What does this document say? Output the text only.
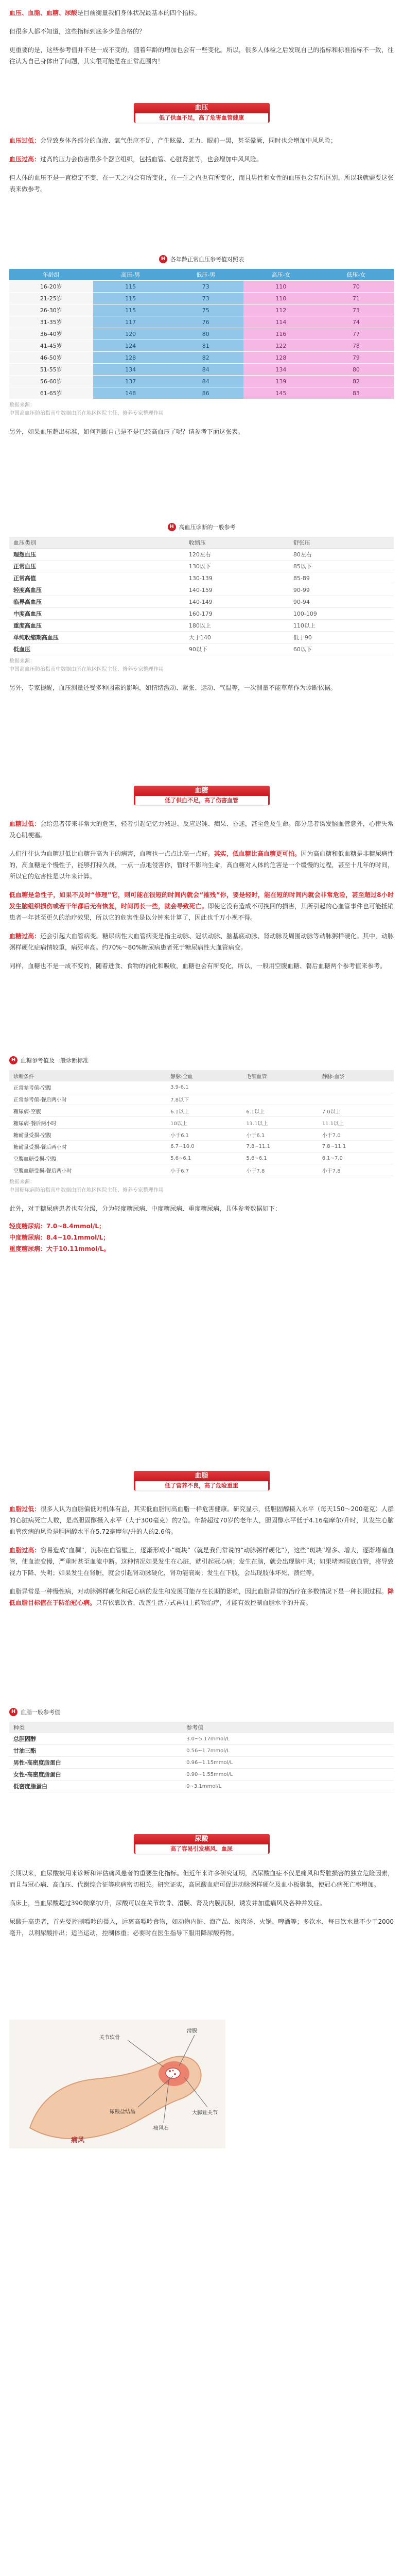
血压、血脂、血糖、尿酸是目前衡量我们身体状况最基本的四个指标。

但很多人都不知道，这些指标到底多少是合格的？

更重要的是，这些参考值并不是一成不变的，随着年龄的增加也会有一些变化。所以，很多人体检之后发现自己的指标和标准指标不一致，往往认为自己身体出了问题，其实很可能是在正常范围内！

血压
低了供血不足，高了危害血管健康

血压过低：会导致身体各部分的血液、氧气供应不足，产生眩晕、无力、眼前一黑，甚至晕厥，同时也会增加中风风险；

血压过高：过高的压力会伤害很多个器官组织，包括血管、心脏肾脏等，也会增加中风风险。

但人体的血压不是一直稳定不变，在一天之内会有所变化，在一生之内也有所变化，而且男性和女性的血压也会有所区别，所以我就需要这张表来做参考。

H 各年龄正常血压参考值对照表
年龄组	高压-男	低压-男	高压-女	低压-女
16-20岁	115	73	110	70
21-25岁	115	73	110	71
26-30岁	115	75	112	73
31-35岁	117	76	114	74
36-40岁	120	80	116	77
41-45岁	124	81	122	78
46-50岁	128	82	128	79
51-55岁	134	84	134	80
56-60岁	137	84	139	82
61-65岁	148	86	145	83

数据来源：
中国高血压防治指南中数据由所在地区医院主任、修养专家整理作用

另外，如果血压超出标准，如何判断自己是不是已经高血压了呢？请参考下面这张表。

H 高血压诊断的一般参考
血压类别	收缩压	舒张压
理想血压	120左右	80左右
正常血压	130以下	85以下
正常高值	130-139	85-89
轻度高血压	140-159	90-99
临界高血压	140-149	90-94
中度高血压	160-179	100-109
重度高血压	180以上	110以上
单纯收缩期高血压	大于140	低于90
低血压	90以下	60以下

数据来源：
中国高血压防治指南中数据由所在地区医院主任、修养专家整理作用

另外，专家提醒，血压测量还受多种因素的影响，如情绪激动、紧张、运动、气温等，一次测量不能草草作为诊断依据。

血糖
低了供血不足，高了伤害血管

血糖过低：会给患者带来非常大的危害，轻者引起记忆力减退、反应迟钝、痴呆、昏迷，甚至危及生命。部分患者诱发脑血管意外，心律失常及心肌梗塞。

人们往往认为血糖过低比血糖升高为主的病害，血糖也一点点比高一点好。其实，低血糖比高血糖更可怕。因为高血糖和低血糖是非糖尿病性的，高血糖是个慢性子，能够打持久战，一点一点地侵害你，暂时不影响生命，高血糖对人体的危害是一个缓慢的过程，甚至十几年的时间，所以它的危害性是以年来计算。

低血糖是急性子，如果不及时“修理”它，则可能在很短的时间内就会“摧残”你，要是轻时，能在短的时间内就会非常危险，甚至超过8小时发生脑组织损伤或若干年都后无有恢复，时间再长一些，就会导致死亡。即使它没有造成不可挽回的损害，其所引起的心血管事件也可能抵销患者一年甚至更久的治疗效果，所以它的危害性是以分钟来计算了，因此也千万小视不得。

血糖过高：还会引起大血管病变。糖尿病性大血管病变是指主动脉、冠状动脉、脑基底动脉、肾动脉及周围动脉等动脉粥样硬化。其中，动脉粥样硬化症病情较重，病死率高。约70%～80%糖尿病患者死于糖尿病性大血管病变。

同样，血糖也不是一成不变的，随着进食、食物的消化和吸收，血糖也会有所变化，所以，一般用空腹血糖、餐后血糖两个参考值来参考。

H 血糖参考值及一般诊断标准
诊断条件	静脉-全血	毛细血管	静脉-血浆
正常参考值-空腹	3.9-6.1		
正常参考值-餐后两小时	7.8以下		
糖尿病-空腹	6.1以上	6.1以上	7.0以上
糖尿病-餐后两小时	10以上	11.1以上	11.1以上
糖耐量受损-空腹	小于6.1	小于6.1	小于7.0
糖耐量受损-餐后两小时	6.7~10.0	7.8~11.1	7.8~11.1
空腹血糖受损-空腹	5.6~6.1	5.6~6.1	6.1~7.0
空腹血糖受损-餐后两小时	小于6.7	小于7.8	小于7.8

数据来源：
中国糖尿病防治指南中数据由所在地区医院主任、修养专家整理作用

此外，对于糖尿病患者也有分级，分为轻度糖尿病、中度糖尿病、重度糖尿病，具体参考数据如下：

轻度糖尿病：7.0~8.4mmol/L；

中度糖尿病：8.4~10.1mmol/L；

重度糖尿病：大于10.11mmol/L。

血脂
低了营养不良，高了危险重重

血脂过低：很多人认为血脂偏低对机体有益，其实低血脂同高血脂一样危害健康。研究显示，低胆固醇摄入水平（每天150～200毫克）人群的心脏病死亡人数，是高胆固醇摄入水平（大于300毫克）的2倍。年龄超过70岁的老年人，胆固醇水平低于4.16毫摩尔/升时，其发生心脑血管疾病的风险是胆固醇水平在5.72毫摩尔/升的人的2.6倍。

血脂过高：容易造成“血稠”，沉积在血管壁上，逐渐形成小“斑块”（就是我们常说的“动脉粥样硬化”），这些“斑块”增多、增大，逐渐堵塞血管，使血流变慢，严重时甚至血流中断。这种情况如果发生在心脏，就引起冠心病；发生在脑，就会出现脑中风；如果堵塞眼底血管，将导致视力下降、失明；如果发生在肾脏，就会引起肾动脉硬化，肾功能衰竭；发生在下肢，会出现肢体坏死、溃烂等。

血脂异常是一种慢性病，对动脉粥样硬化和冠心病的发生和发展可能存在长期的影响，因此血脂异常的治疗在多数情况下是一种长期过程。降低血脂目标值在于防治冠心病。只有依靠饮食、改善生活方式再加上药物治疗，才能有效控制血脂水平的升高。

H 血脂一般参考值
种类	参考值
总胆固醇	3.0~5.17mmol/L
甘油三酯	0.56~1.7mmol/L
男性-高密度脂蛋白	0.96~1.15mmol/L
女性-高密度脂蛋白	0.90~1.55mmol/L
低密度脂蛋白	0~3.1mmol/L
尿酸
高了容易引发痛风、血尿

长期以来，血尿酸被用来诊断和评估痛风患者的重要生化指标。但近年来许多研究证明，高尿酸血症不仅是痛风和肾脏损害的独立危险因素，而且与冠心病、高血压、代谢综合征等疾病密切相关。研究证实，高尿酸血症可促进动脉粥样硬化及血小板聚集，使冠心病死亡率增加。

临床上，当血尿酸超过390微摩尔/升，尿酸可以在关节软骨、滑膜、肾及内膜沉积，诱发并加重痛风及各种并发症。

尿酸升高患者，首先要控制嘌呤的摄入，远离高嘌呤食物，如动物内脏、海产品、浓肉汤、火锅、啤酒等；多饮水，每日饮水量不少于2000毫升，以利尿酸排出；适当运动，控制体重；必要时在医生指导下服用降尿酸药物。

关节软骨
滑膜
尿酸盐结晶	大脚趾关节
痛风石
痛风
